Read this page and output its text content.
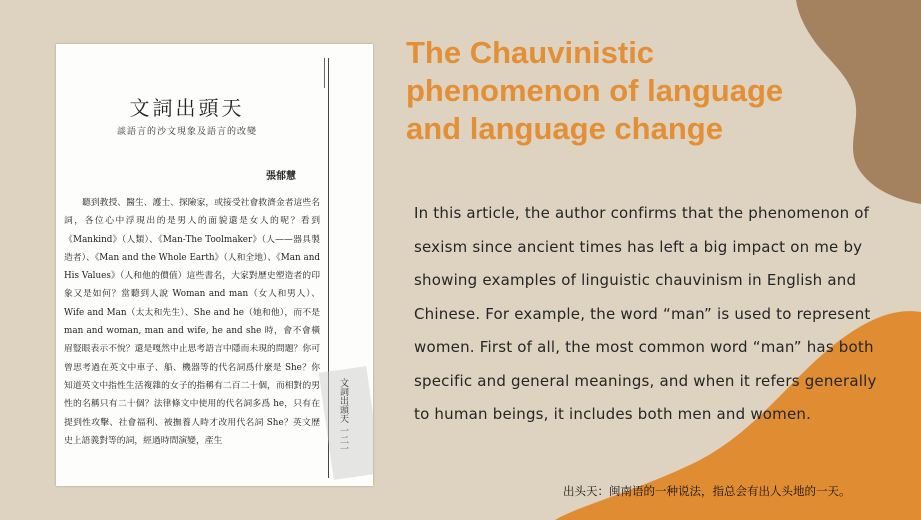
文詞出頭天
談語言的沙文現象及語言的改變
張郁慧
聽到教授、醫生、護士、探險家，或接受社會救濟金者這些名詞，各位心中浮現出的是男人的面貌還是女人的呢？看到《Mankind》（人類）、《Man-The Toolmaker》（人——器具製造者）、《Man and the Whole Earth》（人和全地）、《Man and His Values》（人和他的價值）這些書名，大家對歷史塑造者的印象又是如何？當聽到人說 Woman and man（女人和男人）、Wife and Man（太太和先生）、She and he（她和他），而不是 man and woman, man and wife, he and she 時，會不會橫眉豎眼表示不悅？還是嘎然中止思考語言中隱而未現的問題？你可曾思考過在英文中車子、船、機器等的代名詞爲什麼是 She？你知道英文中指性生活複雜的女子的指稱有二百二十個，而相對的男性的名稱只有二十個？法律條文中使用的代名詞多爲 he，只有在提到性攻擊、社會福利、被撫養人時才改用代名詞 She？英文歷史上語義對等的詞，經過時間演變，產生	文詞出頭天 一二一
The Chauvinistic phenomenon of language and language change

In this article, the author confirms that the phenomenon of sexism since ancient times has left a big impact on me by showing examples of linguistic chauvinism in English and Chinese. For example, the word “man” is used to represent women. First of all, the most common word “man” has both specific and general meanings, and when it refers generally to human beings, it includes both men and women.

出头天：闽南语的一种说法，指总会有出人头地的一天。
